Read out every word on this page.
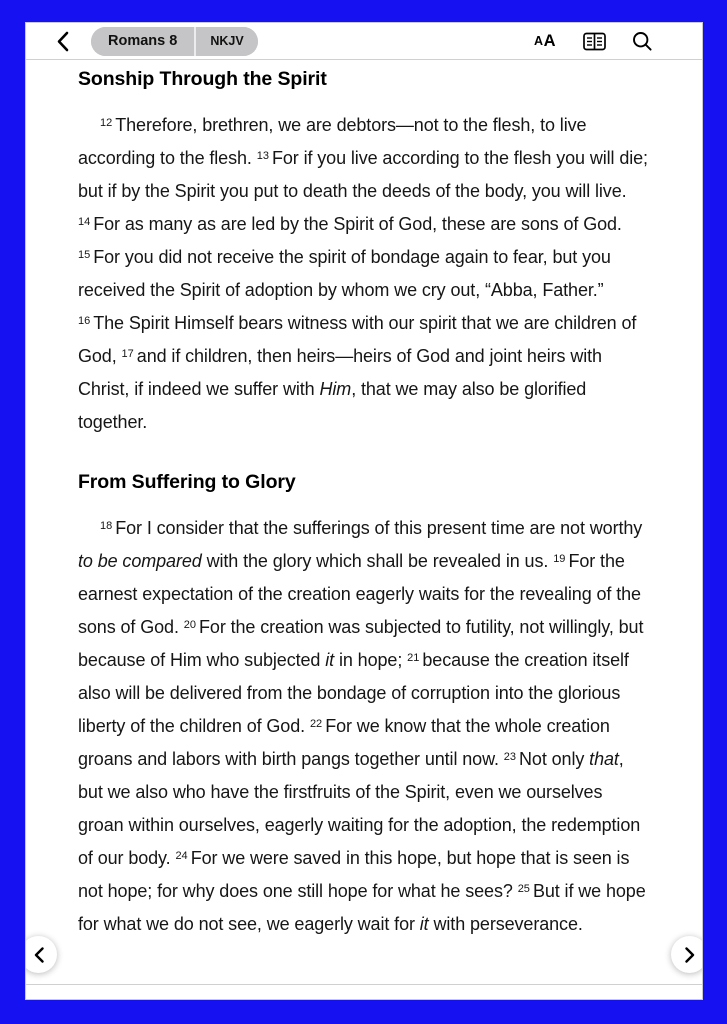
Romans 8	NKJV	A A
Sonship Through the Spirit

$^{12}$ Therefore, brethren, we are debtors—not to the flesh, to live according to the flesh. $^{13}$ For if you live according to the flesh you will die; but if by the Spirit you put to death the deeds of the body, you will live. $^{14}$ For as many as are led by the Spirit of God, these are sons of God. $^{15}$ For you did not receive the spirit of bondage again to fear, but you received the Spirit of adoption by whom we cry out, “Abba, Father.” $^{16}$ The Spirit Himself bears witness with our spirit that we are children of God, $^{17}$ and if children, then heirs—heirs of God and joint heirs with Christ, if indeed we suffer with Him, that we may also be glorified together.

From Suffering to Glory

$^{18}$ For I consider that the sufferings of this present time are not worthy to be compared with the glory which shall be revealed in us. $^{19}$ For the earnest expectation of the creation eagerly waits for the revealing of the sons of God. $^{20}$ For the creation was subjected to futility, not willingly, but because of Him who subjected it in hope; $^{21}$ because the creation itself also will be delivered from the bondage of corruption into the glorious liberty of the children of God. $^{22}$ For we know that the whole creation groans and labors with birth pangs together until now. $^{23}$ Not only that, but we also who have the firstfruits of the Spirit, even we ourselves groan within ourselves, eagerly waiting for the adoption, the redemption of our body. $^{24}$ For we were saved in this hope, but hope that is seen is not hope; for why does one still hope for what he sees? $^{25}$ But if we hope for what we do not see, we eagerly wait for it with perseverance.
